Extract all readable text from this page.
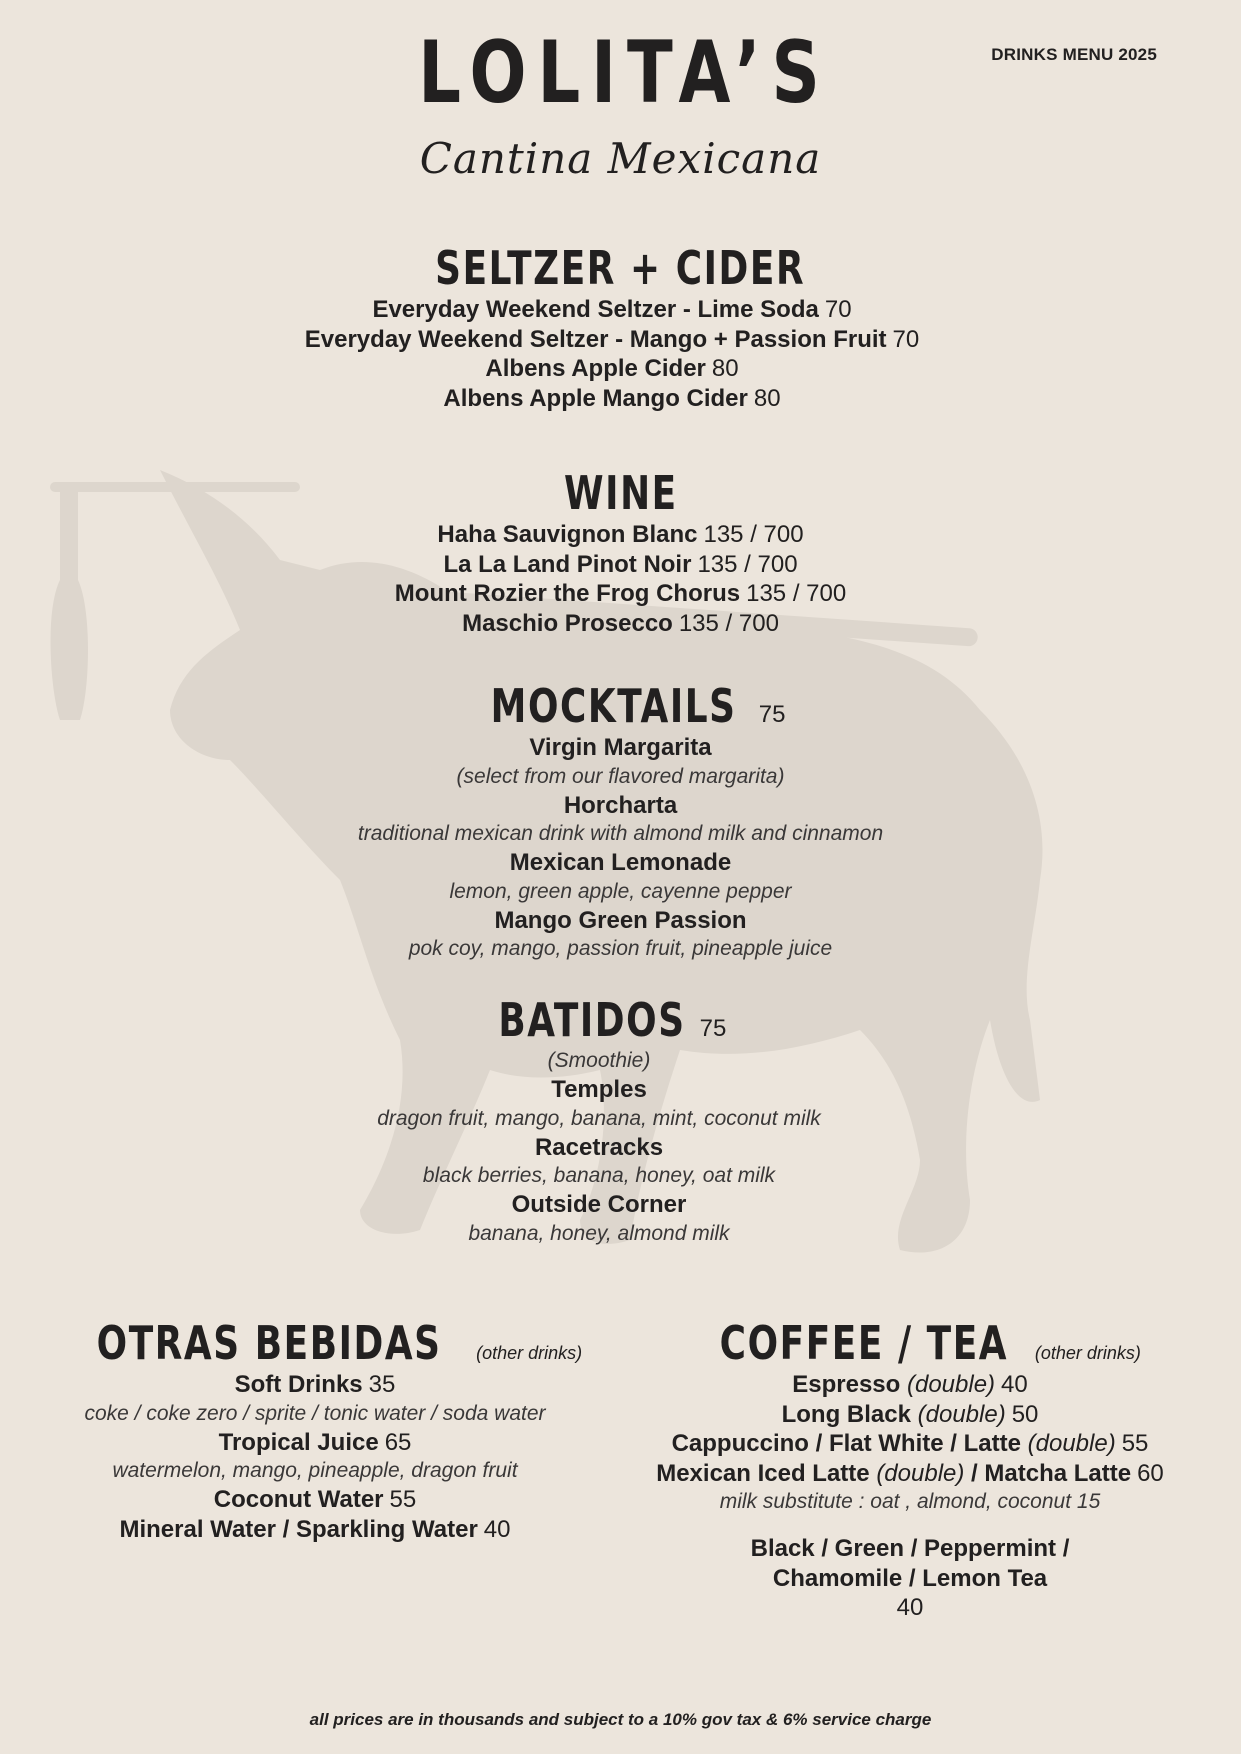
DRINKS MENU 2025
LOLITA’S
Cantina Mexicana
SELTZER + CIDER
Everyday Weekend Seltzer - Lime Soda 70
Everyday Weekend Seltzer - Mango + Passion Fruit 70
Albens Apple Cider 80
Albens Apple Mango Cider 80
WINE
Haha Sauvignon Blanc 135 / 700
La La Land Pinot Noir 135 / 700
Mount Rozier the Frog Chorus 135 / 700
Maschio Prosecco 135 / 700
MOCKTAILS 75
Virgin Margarita
(select from our flavored margarita)
Horcharta
traditional mexican drink with almond milk and cinnamon
Mexican Lemonade
lemon, green apple, cayenne pepper
Mango Green Passion
pok coy, mango, passion fruit, pineapple juice
BATIDOS 75
(Smoothie)
Temples
dragon fruit, mango, banana, mint, coconut milk
Racetracks
black berries, banana, honey, oat milk
Outside Corner
banana, honey, almond milk
OTRAS BEBIDAS (other drinks)
Soft Drinks 35
coke / coke zero / sprite / tonic water / soda water
Tropical Juice 65
watermelon, mango, pineapple, dragon fruit
Coconut Water 55
Mineral Water / Sparkling Water 40
COFFEE / TEA (other drinks)
Espresso (double) 40
Long Black (double) 50
Cappuccino / Flat White / Latte (double) 55
Mexican Iced Latte (double) / Matcha Latte 60
milk substitute : oat , almond, coconut 15
Black / Green / Peppermint /
Chamomile / Lemon Tea
40
all prices are in thousands and subject to a 10% gov tax & 6% service charge
